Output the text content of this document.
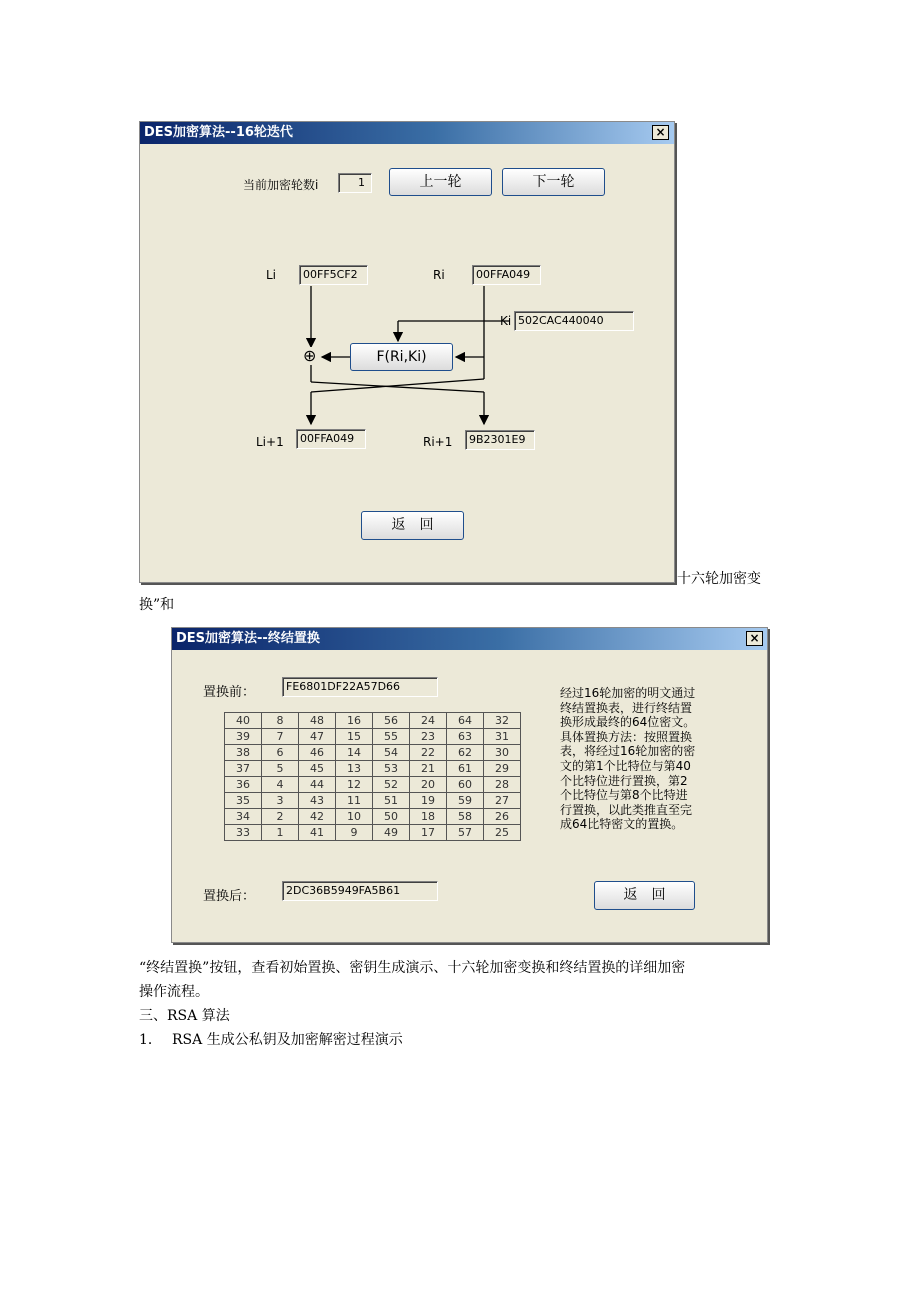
DES加密算法--16轮迭代	×
当前加密轮数i	1	上一轮	下一轮
Li	00FF5CF2	Ri	00FFA049
Ki 502CAC440040
⊕	F(Ri,Ki)
Li+1	00FFA049	Ri+1	9B2301E9
返　回
十六轮加密变
换”和
DES加密算法--终结置换	×
置换前：	FE6801DF22A57D66
40	8	48	16	56	24	64	32
39	7	47	15	55	23	63	31
38	6	46	14	54	22	62	30
37	5	45	13	53	21	61	29
36	4	44	12	52	20	60	28
35	3	43	11	51	19	59	27
34	2	42	10	50	18	58	26
33	1	41	9	49	17	57	25
经过16轮加密的明文通过
终结置换表，进行终结置
换形成最终的64位密文。
具体置换方法：按照置换
表，将经过16轮加密的密
文的第1个比特位与第40
个比特位进行置换，第2
个比特位与第8个比特进
行置换，以此类推直至完
成64比特密文的置换。
置换后：	2DC36B5949FA5B61	返　回
“终结置换”按钮，查看初始置换、密钥生成演示、十六轮加密变换和终结置换的详细加密
操作流程。
三、RSA 算法
1． RSA 生成公私钥及加密解密过程演示
